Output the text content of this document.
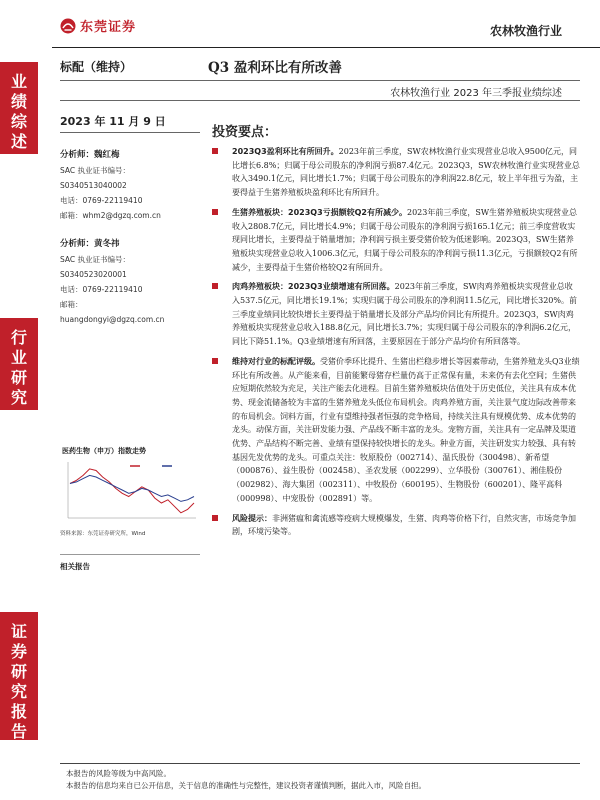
东莞证券	农林牧渔行业
业
绩
综
述
行
业
研
究
证
券
研
究
报
告
标配（维持）	Q3 盈利环比有所改善
农林牧渔行业 2023 年三季报业绩综述
2023 年 11 月 9 日
投资要点：
分析师：魏红梅
SAC 执业证书编号：
S0340513040002
电话：0769-22119410
邮箱：whm2@dgzq.com.cn
分析师：黄冬祎
SAC 执业证书编号：
S0340523020001
电话：0769-22119410
邮箱：
huangdongyi@dgzq.com.cn
医药生物（申万）指数走势
资料来源：东莞证券研究所，Wind
相关报告
2023Q3盈利环比有所回升。2023年前三季度，SW农林牧渔行业实现营业总收入9500亿元，同比增长6.8%；归属于母公司股东的净利润亏损87.4亿元。2023Q3，SW农林牧渔行业实现营业总收入3490.1亿元，同比增长1.7%；归属于母公司股东的净利润22.8亿元，较上半年扭亏为盈，主要得益于生猪养殖板块盈利环比有所回升。
生猪养殖板块：2023Q3亏损额较Q2有所减少。2023年前三季度，SW生猪养殖板块实现营业总收入2808.7亿元，同比增长4.9%；归属于母公司股东的净利润亏损165.1亿元；前三季度营收实现同比增长，主要得益于销量增加；净利润亏损主要受猪价较为低迷影响。2023Q3，SW生猪养殖板块实现营业总收入1006.3亿元，归属于母公司股东的净利润亏损11.3亿元，亏损额较Q2有所减少，主要得益于生猪价格较Q2有所回升。
肉鸡养殖板块：2023Q3业绩增速有所回落。2023年前三季度，SW肉鸡养殖板块实现营业总收入537.5亿元，同比增长19.1%；实现归属于母公司股东的净利润11.5亿元，同比增长320%。前三季度业绩同比较快增长主要得益于销量增长及部分产品均价同比有所提升。2023Q3，SW肉鸡养殖板块实现营业总收入188.8亿元，同比增长3.7%；实现归属于母公司股东的净利润6.2亿元，同比下降51.1%。Q3业绩增速有所回落，主要原因在于部分产品均价有所回落等。
维持对行业的标配评级。受猪价季环比提升、生猪出栏稳步增长等因素带动，生猪养殖龙头Q3业绩环比有所改善。从产能来看，目前能繁母猪存栏量仍高于正常保有量，未来仍有去化空间；生猪供应短期依然较为充足，关注产能去化进程。目前生猪养殖板块估值处于历史低位，关注具有成本优势、现金流储备较为丰富的生猪养殖龙头低位布局机会。肉鸡养殖方面，关注景气度边际改善带来的布局机会。饲料方面，行业有望维持强者恒强的竞争格局，持续关注具有规模优势、成本优势的龙头。动保方面，关注研发能力强、产品线不断丰富的龙头。宠物方面，关注具有一定品牌及渠道优势、产品结构不断完善、业绩有望保持较快增长的龙头。种业方面，关注研发实力较强、具有转基因先发优势的龙头。可重点关注：牧原股份（002714）、温氏股份（300498）、新希望（000876）、益生股份（002458）、圣农发展（002299）、立华股份（300761）、湘佳股份（002982）、海大集团（002311）、中牧股份（600195）、生物股份（600201）、隆平高科（000998）、中宠股份（002891）等。
风险提示：非洲猪瘟和禽流感等疫病大规模爆发，生猪、肉鸡等价格下行，自然灾害，市场竞争加剧，环境污染等。
本报告的风险等级为中高风险。
本报告的信息均来自已公开信息，关于信息的准确性与完整性，建议投资者谨慎判断，据此入市，风险自担。
